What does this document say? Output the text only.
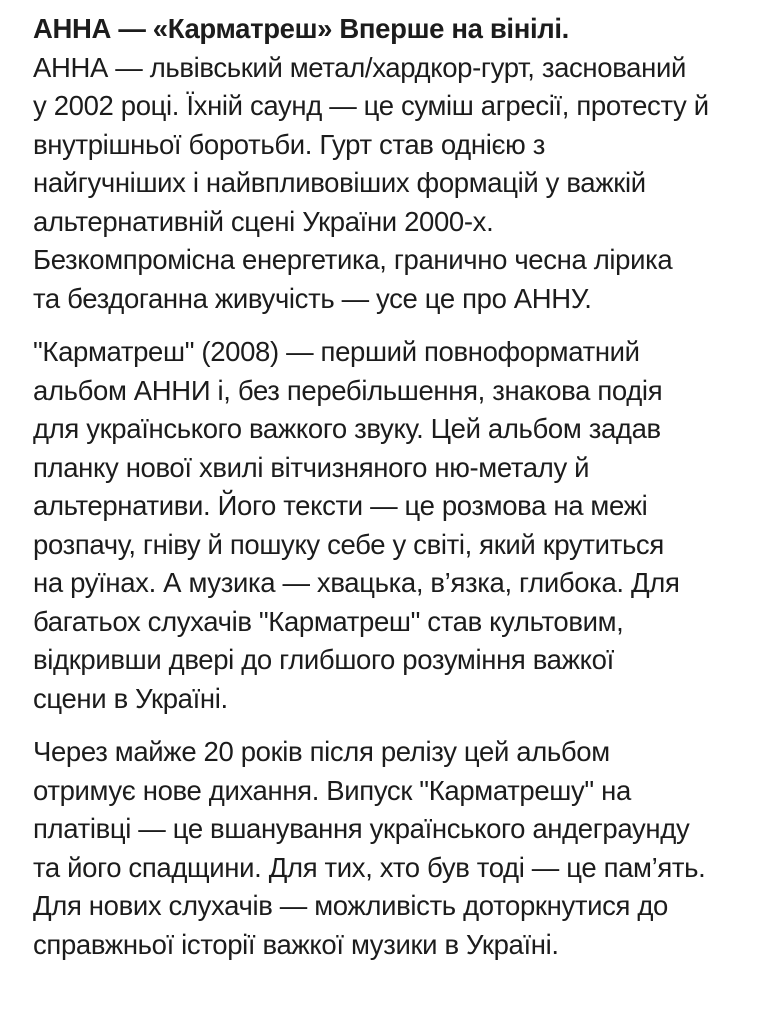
АННА — «Карматреш» Вперше на вінілі.

АННА — львівський метал/хардкор-гурт, заснований
у 2002 році. Їхній саунд — це суміш агресії, протесту й
внутрішньої боротьби. Гурт став однією з
найгучніших і найвпливовіших формацій у важкій
альтернативній сцені України 2000-х.
Безкомпромісна енергетика, гранично чесна лірика
та бездоганна живучість — усе це про АННУ.

"Карматреш" (2008) — перший повноформатний
альбом АННИ і, без перебільшення, знакова подія
для українського важкого звуку. Цей альбом задав
планку нової хвилі вітчизняного ню-металу й
альтернативи. Його тексти — це розмова на межі
розпачу, гніву й пошуку себе у світі, який крутиться
на руїнах. А музика — хвацька, в’язка, глибока. Для
багатьох слухачів "Карматреш" став культовим,
відкривши двері до глибшого розуміння важкої
сцени в Україні.

Через майже 20 років після релізу цей альбом
отримує нове дихання. Випуск "Карматрешу" на
платівці — це вшанування українського андеграунду
та його спадщини. Для тих, хто був тоді — це пам’ять.
Для нових слухачів — можливість доторкнутися до
справжньої історії важкої музики в Україні.
